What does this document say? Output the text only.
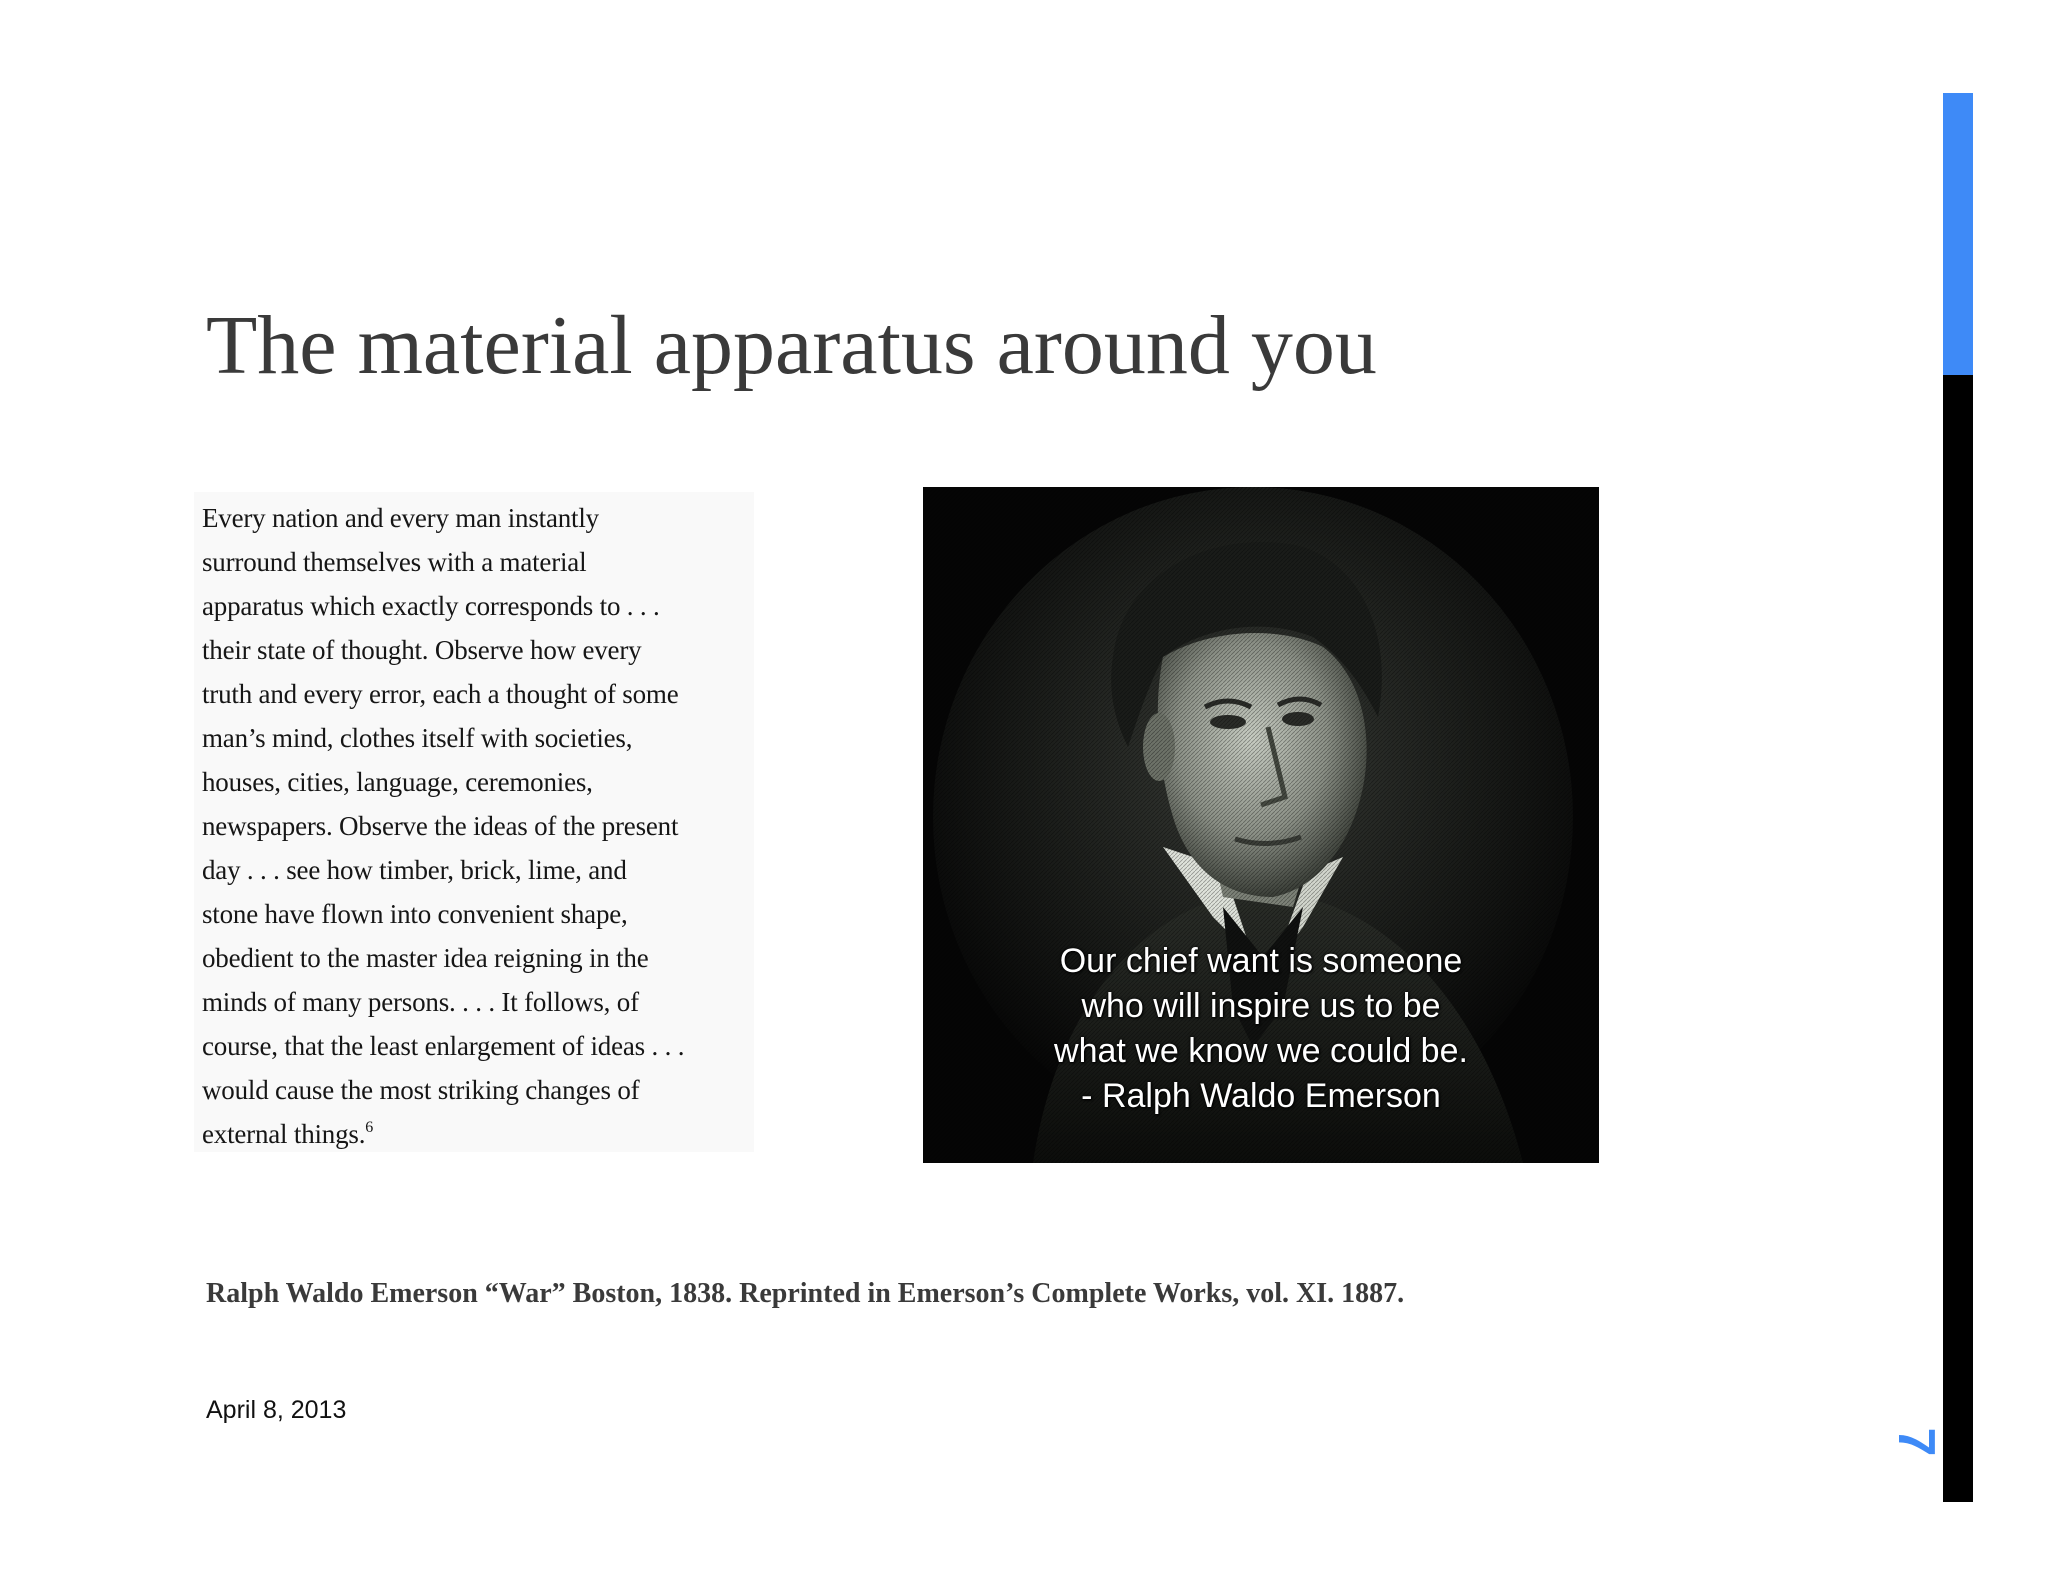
The material apparatus around you

Every nation and every man instantly
surround themselves with a material
apparatus which exactly corresponds to . . .
their state of thought. Observe how every
truth and every error, each a thought of some
man’s mind, clothes itself with societies,
houses, cities, language, ceremonies,
newspapers. Observe the ideas of the present
day . . . see how timber, brick, lime, and
stone have flown into convenient shape,
obedient to the master idea reigning in the
minds of many persons. . . . It follows, of
course, that the least enlargement of ideas . . .
would cause the most striking changes of
external things.$^6$

Our chief want is someone
who will inspire us to be
what we know we could be.
- Ralph Waldo Emerson

Ralph Waldo Emerson “War” Boston, 1838. Reprinted in Emerson’s Complete Works, vol. XI. 1887.

April 8, 2013
7
